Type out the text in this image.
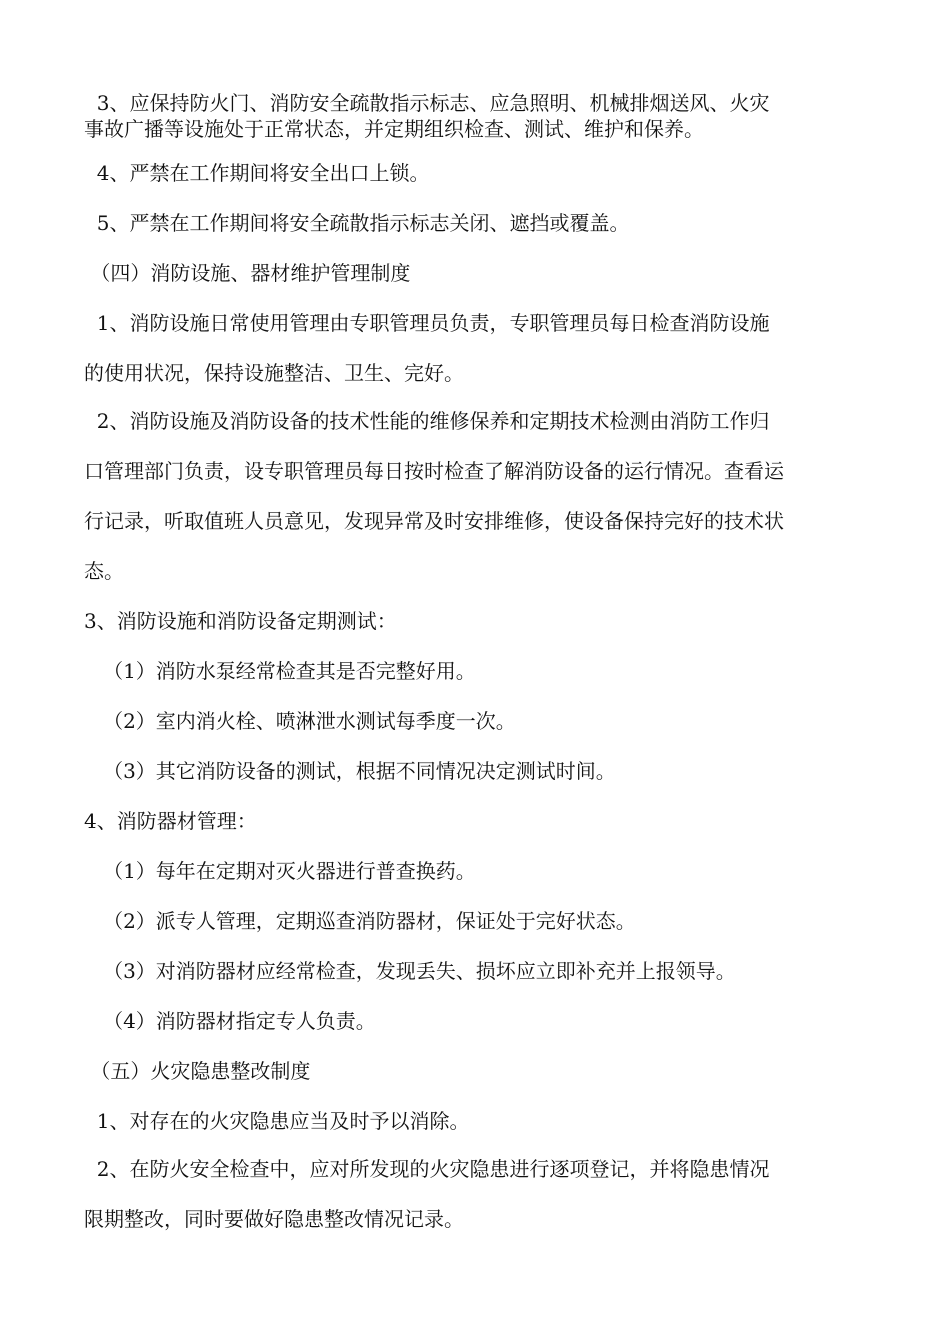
3、应保持防火门、消防安全疏散指示标志、应急照明、机械排烟送风、火灾
事故广播等设施处于正常状态，并定期组织检查、测试、维护和保养。

4、严禁在工作期间将安全出口上锁。

5、严禁在工作期间将安全疏散指示标志关闭、遮挡或覆盖。

（四）消防设施、器材维护管理制度

1、消防设施日常使用管理由专职管理员负责，专职管理员每日检查消防设施
的使用状况，保持设施整洁、卫生、完好。

2、消防设施及消防设备的技术性能的维修保养和定期技术检测由消防工作归
口管理部门负责，设专职管理员每日按时检查了解消防设备的运行情况。查看运
行记录，听取值班人员意见，发现异常及时安排维修，使设备保持完好的技术状
态。

3、消防设施和消防设备定期测试：

（1）消防水泵经常检查其是否完整好用。

（2）室内消火栓、喷淋泄水测试每季度一次。

（3）其它消防设备的测试，根据不同情况决定测试时间。

4、消防器材管理：

（1）每年在定期对灭火器进行普查换药。

（2）派专人管理，定期巡查消防器材，保证处于完好状态。

（3）对消防器材应经常检查，发现丢失、损坏应立即补充并上报领导。

（4）消防器材指定专人负责。

（五）火灾隐患整改制度

1、对存在的火灾隐患应当及时予以消除。

2、在防火安全检查中，应对所发现的火灾隐患进行逐项登记，并将隐患情况
限期整改，同时要做好隐患整改情况记录。
